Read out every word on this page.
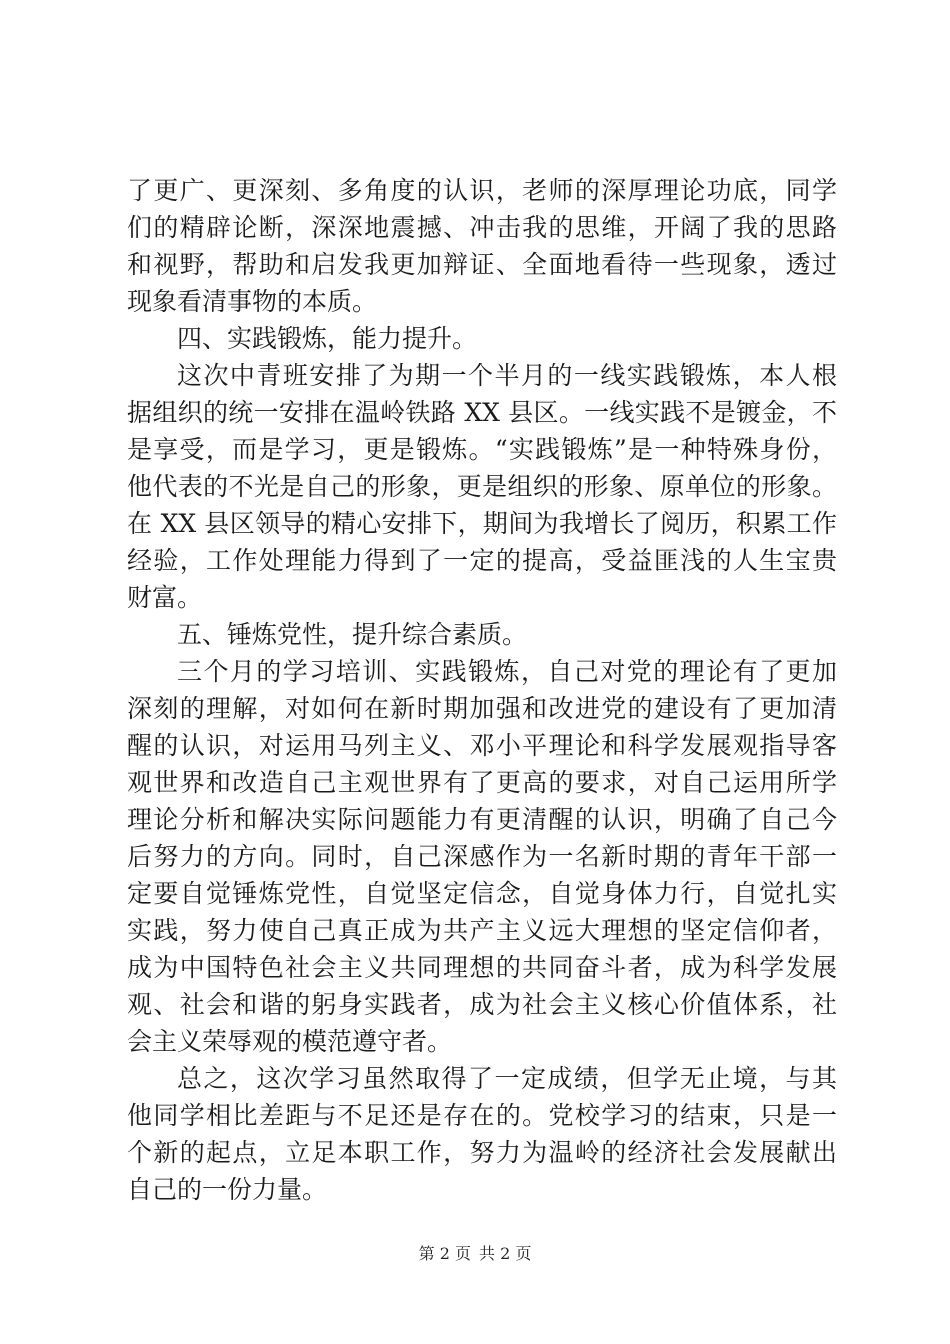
了更广、更深刻、多角度的认识，老师的深厚理论功底，同学
们的精辟论断，深深地震撼、冲击我的思维，开阔了我的思路
和视野，帮助和启发我更加辩证、全面地看待一些现象，透过
现象看清事物的本质。
四、实践锻炼，能力提升。
这次中青班安排了为期一个半月的一线实践锻炼，本人根
据组织的统一安排在温岭铁路 XX 县区。一线实践不是镀金，不
是享受，而是学习，更是锻炼。“实践锻炼”是一种特殊身份，
他代表的不光是自己的形象，更是组织的形象、原单位的形象。
在 XX 县区领导的精心安排下，期间为我增长了阅历，积累工作
经验，工作处理能力得到了一定的提高，受益匪浅的人生宝贵
财富。
五、锤炼党性，提升综合素质。
三个月的学习培训、实践锻炼，自己对党的理论有了更加
深刻的理解，对如何在新时期加强和改进党的建设有了更加清
醒的认识，对运用马列主义、邓小平理论和科学发展观指导客
观世界和改造自己主观世界有了更高的要求，对自己运用所学
理论分析和解决实际问题能力有更清醒的认识，明确了自己今
后努力的方向。同时，自己深感作为一名新时期的青年干部一
定要自觉锤炼党性，自觉坚定信念，自觉身体力行，自觉扎实
实践，努力使自己真正成为共产主义远大理想的坚定信仰者，
成为中国特色社会主义共同理想的共同奋斗者，成为科学发展
观、社会和谐的躬身实践者，成为社会主义核心价值体系，社
会主义荣辱观的模范遵守者。
总之，这次学习虽然取得了一定成绩，但学无止境，与其
他同学相比差距与不足还是存在的。党校学习的结束，只是一
个新的起点，立足本职工作，努力为温岭的经济社会发展献出
自己的一份力量。
第 2 页 共 2 页
